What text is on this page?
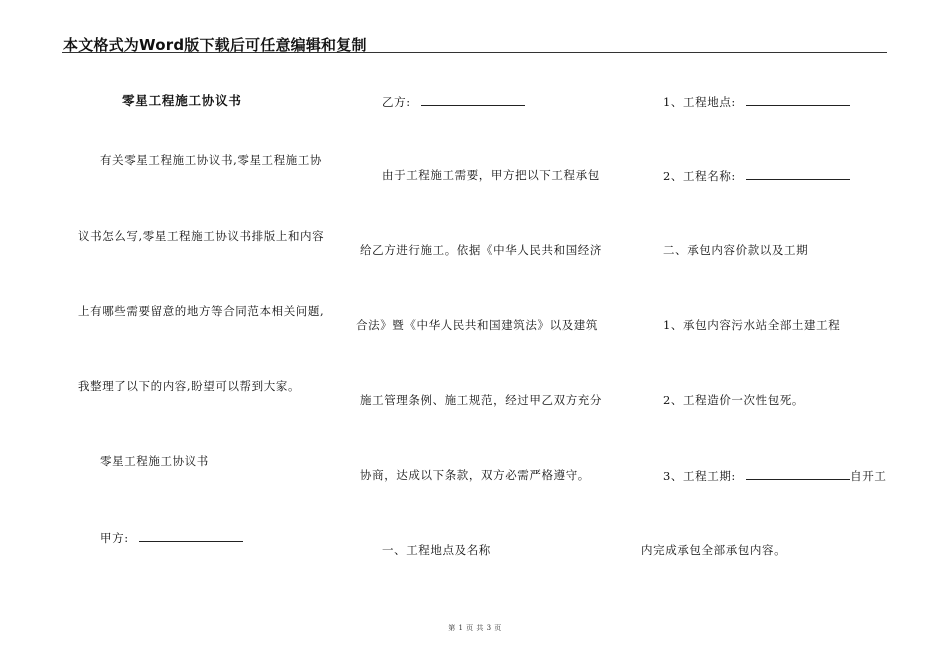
本文格式为Word版下载后可任意编辑和复制
零星工程施工协议书
有关零星工程施工协议书,零星工程施工协
议书怎么写,零星工程施工协议书排版上和内容
上有哪些需要留意的地方等合同范本相关问题,
我整理了以下的内容,盼望可以帮到大家。
零星工程施工协议书
甲方:
乙方:
由于工程施工需要，甲方把以下工程承包
给乙方进行施工。依据《中华人民共和国经济
合法》暨《中华人民共和国建筑法》以及建筑
施工管理条例、施工规范，经过甲乙双方充分
协商，达成以下条款，双方必需严格遵守。
一、工程地点及名称
1、工程地点:
2、工程名称:
二、承包内容价款以及工期
1、承包内容污水站全部土建工程
2、工程造价一次性包死。
3、工程工期:	自开工
内完成承包全部承包内容。
第 1 页 共 3 页
